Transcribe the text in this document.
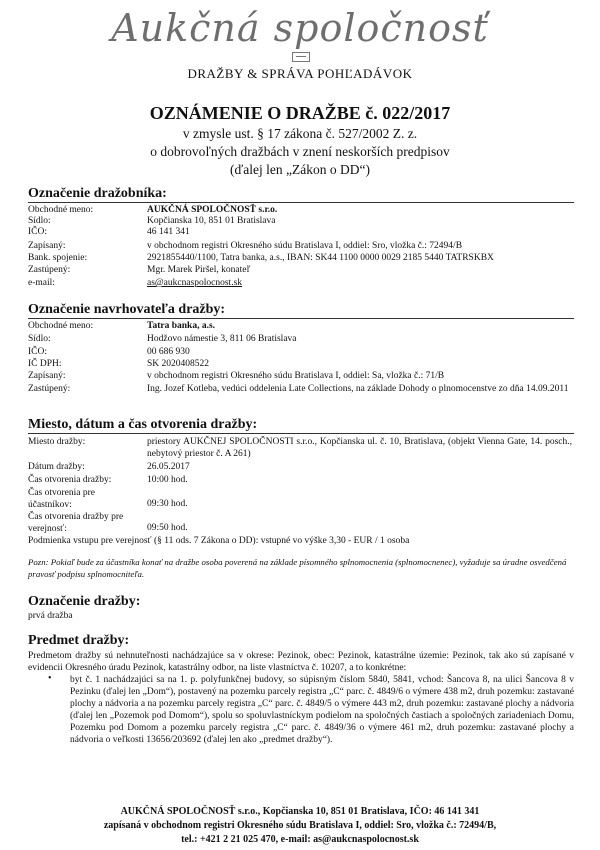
Aukčná spoločnosť
DRAŽBY & SPRÁVA POHĽADÁVOK
OZNÁMENIE O DRAŽBE č. 022/2017
v zmysle ust. § 17 zákona č. 527/2002 Z. z.
o dobrovoľných dražbách v znení neskorších predpisov
(ďalej len „Zákon o DD“)
Označenie dražobníka:
Obchodné meno:	AUKČNÁ SPOLOČNOSŤ s.r.o.
Sídlo:	Kopčianska 10, 851 01 Bratislava
IČO:	46 141 341
Zapísaný:	v obchodnom registri Okresného súdu Bratislava I, oddiel: Sro, vložka č.: 72494/B
Bank. spojenie:	2921855440/1100, Tatra banka, a.s., IBAN: SK44 1100 0000 0029 2185 5440 TATRSKBX
Zastúpený:	Mgr. Marek Piršel, konateľ
e-mail:	as@aukcnaspolocnost.sk
Označenie navrhovateľa dražby:
Obchodné meno:	Tatra banka, a.s.
Sídlo:	Hodžovo námestie 3, 811 06 Bratislava
IČO:	00 686 930
IČ DPH:	SK 2020408522
Zapísaný:	v obchodnom registri Okresného súdu Bratislava I, oddiel: Sa, vložka č.: 71/B
Zastúpený:	Ing. Jozef Kotleba, vedúci oddelenia Late Collections, na základe Dohody o plnomocenstve zo dňa 14.09.2011
Miesto, dátum a čas otvorenia dražby:
Miesto dražby:	priestory AUKČNEJ SPOLOČNOSTI s.r.o., Kopčianska ul. č. 10, Bratislava, (objekt Vienna Gate, 14. posch., nebytový priestor č. A 261)
Dátum dražby:	26.05.2017
Čas otvorenia dražby:	10:00 hod.
Čas otvorenia pre účastníkov:	09:30 hod.
Čas otvorenia dražby pre verejnosť:	09:50 hod.
Podmienka vstupu pre verejnosť (§ 11 ods. 7 Zákona o DD): vstupné vo výške 3,30 - EUR / 1 osoba
Pozn: Pokiaľ bude za účastníka konať na dražbe osoba poverená na základe písomného splnomocnenia (splnomocnenec), vyžaduje sa úradne osvedčená pravosť podpisu splnomocniteľa.
Označenie dražby:
prvá dražba
Predmet dražby:
Predmetom dražby sú nehnuteľnosti nachádzajúce sa v okrese: Pezinok, obec: Pezinok, katastrálne územie: Pezinok, tak ako sú zapísané v evidencii Okresného úradu Pezinok, katastrálny odbor, na liste vlastníctva č. 10207, a to konkrétne:
• byt č. 1 nachádzajúci sa na 1. p. polyfunkčnej budovy, so súpisným číslom 5840, 5841, vchod: Šancova 8, na ulici Šancova 8 v Pezinku (ďalej len „Dom“), postavený na pozemku parcely registra „C“ parc. č. 4849/6 o výmere 438 m2, druh pozemku: zastavané plochy a nádvoria a na pozemku parcely registra „C“ parc. č. 4849/5 o výmere 443 m2, druh pozemku: zastavané plochy a nádvoria (ďalej len „Pozemok pod Domom“), spolu so spoluvlastníckym podielom na spoločných častiach a spoločných zariadeniach Domu, Pozemku pod Domom a pozemku parcely registra „C“ parc. č. 4849/36 o výmere 461 m2, druh pozemku: zastavané plochy a nádvoria o veľkosti 13656/203692 (ďalej len ako „predmet dražby“).
AUKČNÁ SPOLOČNOSŤ s.r.o., Kopčianska 10, 851 01 Bratislava, IČO: 46 141 341
zapísaná v obchodnom registri Okresného súdu Bratislava I, oddiel: Sro, vložka č.: 72494/B,
tel.: +421 2 21 025 470, e-mail: as@aukcnaspolocnost.sk
